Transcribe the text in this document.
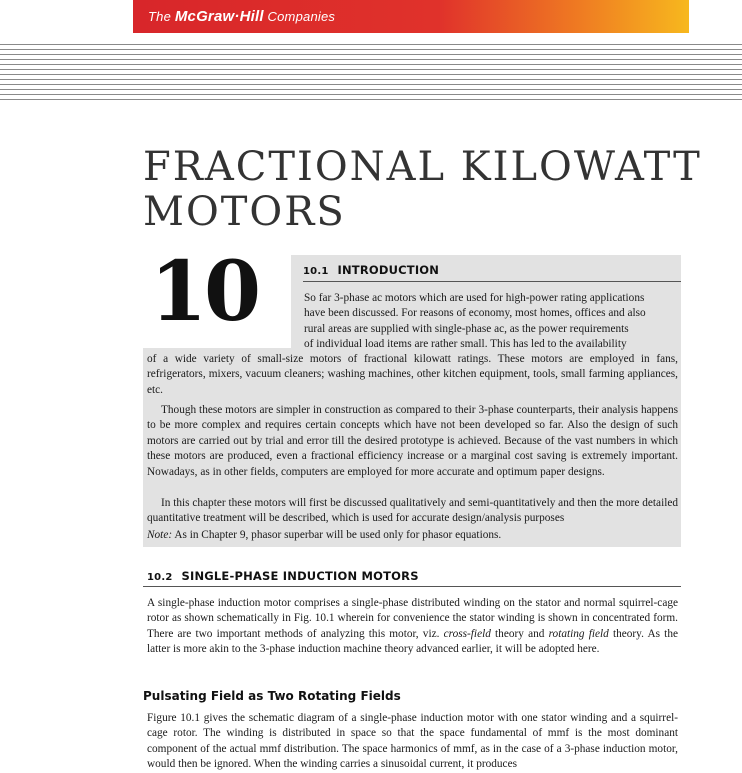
The McGraw·Hill Companies
FRACTIONAL KILOWATT MOTORS
10	10.1 INTRODUCTION
So far 3-phase ac motors which are used for high-power rating applications
have been discussed. For reasons of economy, most homes, offices and also
rural areas are supplied with single-phase ac, as the power requirements
of individual load items are rather small. This has led to the availability

of a wide variety of small-size motors of fractional kilowatt ratings. These motors are employed in fans, refrigerators, mixers, vacuum cleaners; washing machines, other kitchen equipment, tools, small farming appliances, etc.

Though these motors are simpler in construction as compared to their 3-phase counterparts, their analysis happens to be more complex and requires certain concepts which have not been developed so far. Also the design of such motors are carried out by trial and error till the desired prototype is achieved. Because of the vast numbers in which these motors are produced, even a fractional efficiency increase or a marginal cost saving is extremely important. Nowadays, as in other fields, computers are employed for more accurate and optimum paper designs.

In this chapter these motors will first be discussed qualitatively and semi-quantitatively and then the more detailed quantitative treatment will be described, which is used for accurate design/analysis purposes

Note: As in Chapter 9, phasor superbar will be used only for phasor equations.

10.2 SINGLE-PHASE INDUCTION MOTORS

A single-phase induction motor comprises a single-phase distributed winding on the stator and normal squirrel-cage rotor as shown schematically in Fig. 10.1 wherein for convenience the stator winding is shown in concentrated form. There are two important methods of analyzing this motor, viz. cross-field theory and rotating field theory. As the latter is more akin to the 3-phase induction machine theory advanced earlier, it will be adopted here.

Pulsating Field as Two Rotating Fields

Figure 10.1 gives the schematic diagram of a single-phase induction motor with one stator winding and a squirrel-cage rotor. The winding is distributed in space so that the space fundamental of mmf is the most dominant component of the actual mmf distribution. The space harmonics of mmf, as in the case of a 3-phase induction motor, would then be ignored. When the winding carries a sinusoidal current, it produces
